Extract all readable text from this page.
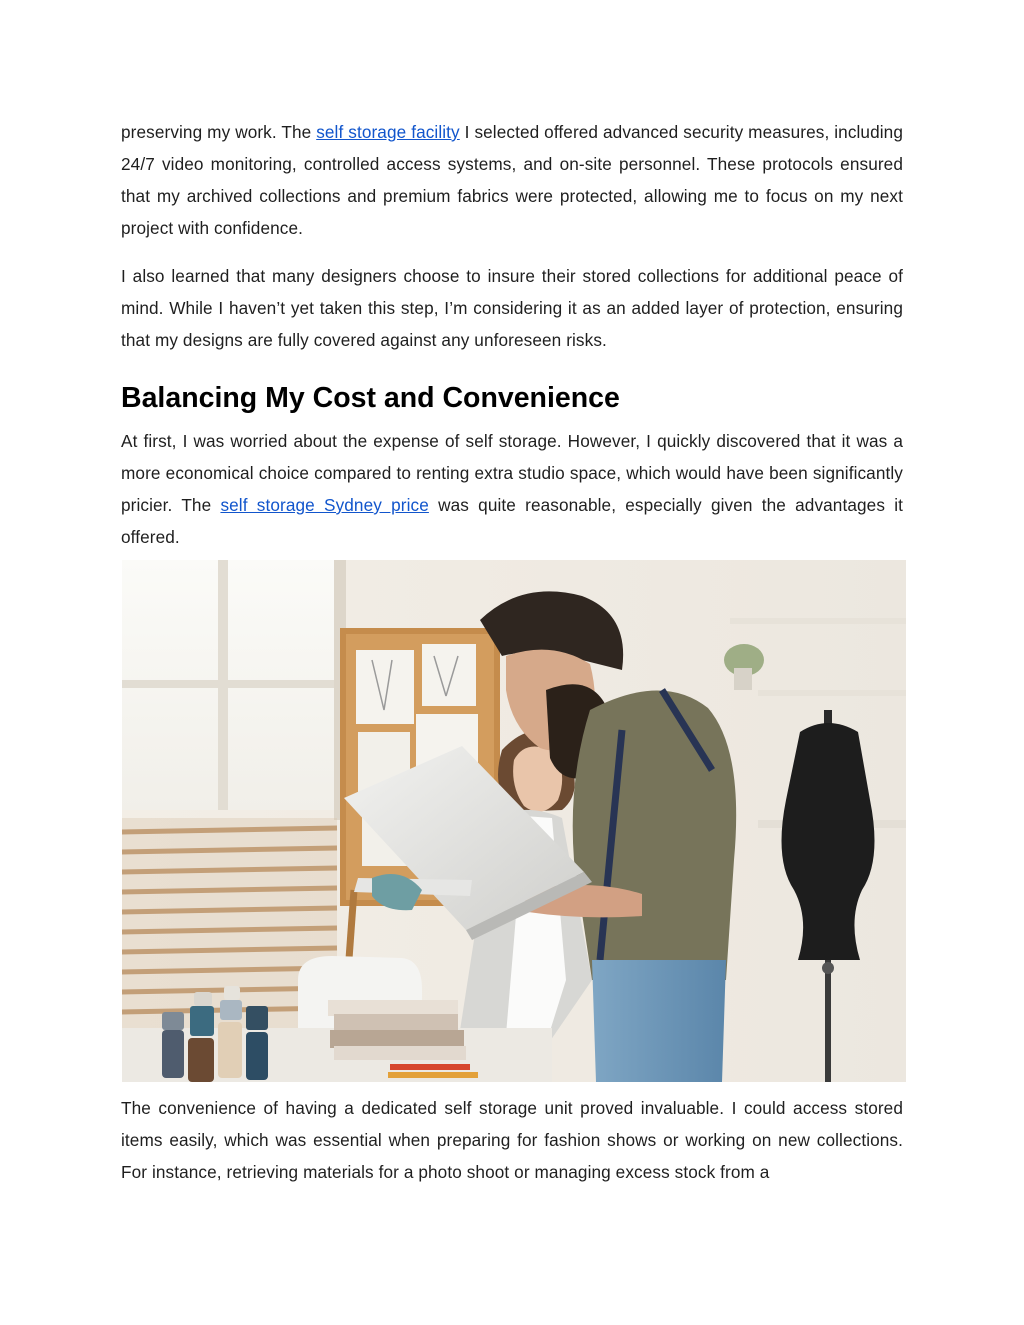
preserving my work. The self storage facility I selected offered advanced security measures, including 24/7 video monitoring, controlled access systems, and on-site personnel. These protocols ensured that my archived collections and premium fabrics were protected, allowing me to focus on my next project with confidence.

I also learned that many designers choose to insure their stored collections for additional peace of mind. While I haven’t yet taken this step, I’m considering it as an added layer of protection, ensuring that my designs are fully covered against any unforeseen risks.

Balancing My Cost and Convenience

At first, I was worried about the expense of self storage. However, I quickly discovered that it was a more economical choice compared to renting extra studio space, which would have been significantly pricier. The self storage Sydney price was quite reasonable, especially given the advantages it offered.

The convenience of having a dedicated self storage unit proved invaluable. I could access stored items easily, which was essential when preparing for fashion shows or working on new collections. For instance, retrieving materials for a photo shoot or managing excess stock from a
